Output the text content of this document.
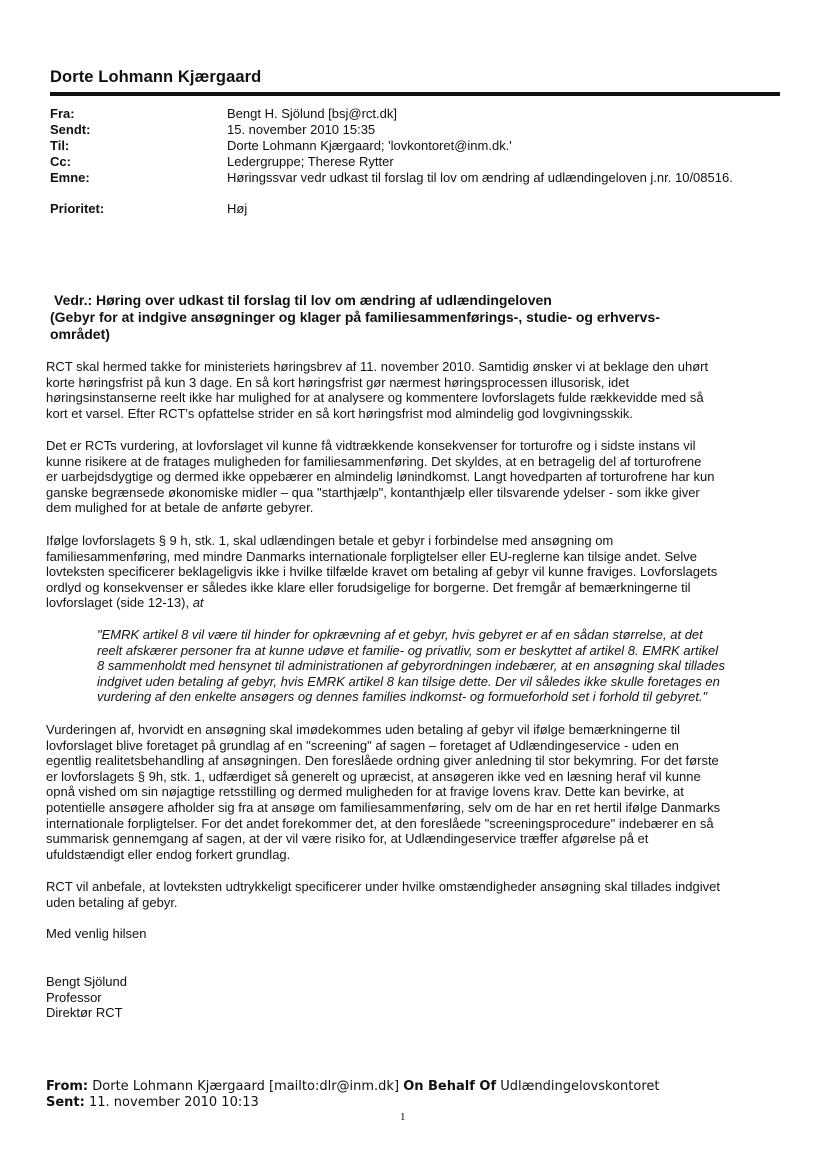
Dorte Lohmann Kjærgaard
Fra:	Bengt H. Sjölund [bsj@rct.dk]
Sendt:	15. november 2010 15:35
Til:	Dorte Lohmann Kjærgaard; 'lovkontoret@inm.dk.'
Cc:	Ledergruppe; Therese Rytter
Emne:	Høringssvar vedr udkast til forslag til lov om ændring af udlændingeloven j.nr. 10/08516.
Prioritet:	Høj
Vedr.: Høring over udkast til forslag til lov om ændring af udlændingeloven
(Gebyr for at indgive ansøgninger og klager på familiesammenførings-, studie- og erhvervs-
området)
RCT skal hermed takke for ministeriets høringsbrev af 11. november 2010. Samtidig ønsker vi at beklage den uhørt
korte høringsfrist på kun 3 dage. En så kort høringsfrist gør nærmest høringsprocessen illusorisk, idet
høringsinstanserne reelt ikke har mulighed for at analysere og kommentere lovforslagets fulde rækkevidde med så
kort et varsel. Efter RCT's opfattelse strider en så kort høringsfrist mod almindelig god lovgivningsskik.
Det er RCTs vurdering, at lovforslaget vil kunne få vidtrækkende konsekvenser for torturofre og i sidste instans vil
kunne risikere at de fratages muligheden for familiesammenføring. Det skyldes, at en betragelig del af torturofrene
er uarbejdsdygtige og dermed ikke oppebærer en almindelig lønindkomst. Langt hovedparten af torturofrene har kun
ganske begrænsede økonomiske midler – qua "starthjælp", kontanthjælp eller tilsvarende ydelser - som ikke giver
dem mulighed for at betale de anførte gebyrer.
Ifølge lovforslagets § 9 h, stk. 1, skal udlændingen betale et gebyr i forbindelse med ansøgning om
familiesammenføring, med mindre Danmarks internationale forpligtelser eller EU-reglerne kan tilsige andet. Selve
lovteksten specificerer beklageligvis ikke i hvilke tilfælde kravet om betaling af gebyr vil kunne fraviges. Lovforslagets
ordlyd og konsekvenser er således ikke klare eller forudsigelige for borgerne. Det fremgår af bemærkningerne til
lovforslaget (side 12-13), at
"EMRK artikel 8 vil være til hinder for opkrævning af et gebyr, hvis gebyret er af en sådan størrelse, at det
reelt afskærer personer fra at kunne udøve et familie- og privatliv, som er beskyttet af artikel 8. EMRK artikel
8 sammenholdt med hensynet til administrationen af gebyrordningen indebærer, at en ansøgning skal tillades
indgivet uden betaling af gebyr, hvis EMRK artikel 8 kan tilsige dette. Der vil således ikke skulle foretages en
vurdering af den enkelte ansøgers og dennes families indkomst- og formueforhold set i forhold til gebyret."
Vurderingen af, hvorvidt en ansøgning skal imødekommes uden betaling af gebyr vil ifølge bemærkningerne til
lovforslaget blive foretaget på grundlag af en "screening" af sagen – foretaget af Udlændingeservice - uden en
egentlig realitetsbehandling af ansøgningen. Den foreslåede ordning giver anledning til stor bekymring. For det første
er lovforslagets § 9h, stk. 1, udfærdiget så generelt og upræcist, at ansøgeren ikke ved en læsning heraf vil kunne
opnå vished om sin nøjagtige retsstilling og dermed muligheden for at fravige lovens krav. Dette kan bevirke, at
potentielle ansøgere afholder sig fra at ansøge om familiesammenføring, selv om de har en ret hertil ifølge Danmarks
internationale forpligtelser. For det andet forekommer det, at den foreslåede "screeningsprocedure" indebærer en så
summarisk gennemgang af sagen, at der vil være risiko for, at Udlændingeservice træffer afgørelse på et
ufuldstændigt eller endog forkert grundlag.
RCT vil anbefale, at lovteksten udtrykkeligt specificerer under hvilke omstændigheder ansøgning skal tillades indgivet
uden betaling af gebyr.
Med venlig hilsen
Bengt Sjölund
Professor
Direktør RCT
From: Dorte Lohmann Kjærgaard [mailto:dlr@inm.dk] On Behalf Of Udlændingelovskontoret
Sent: 11. november 2010 10:13
1
